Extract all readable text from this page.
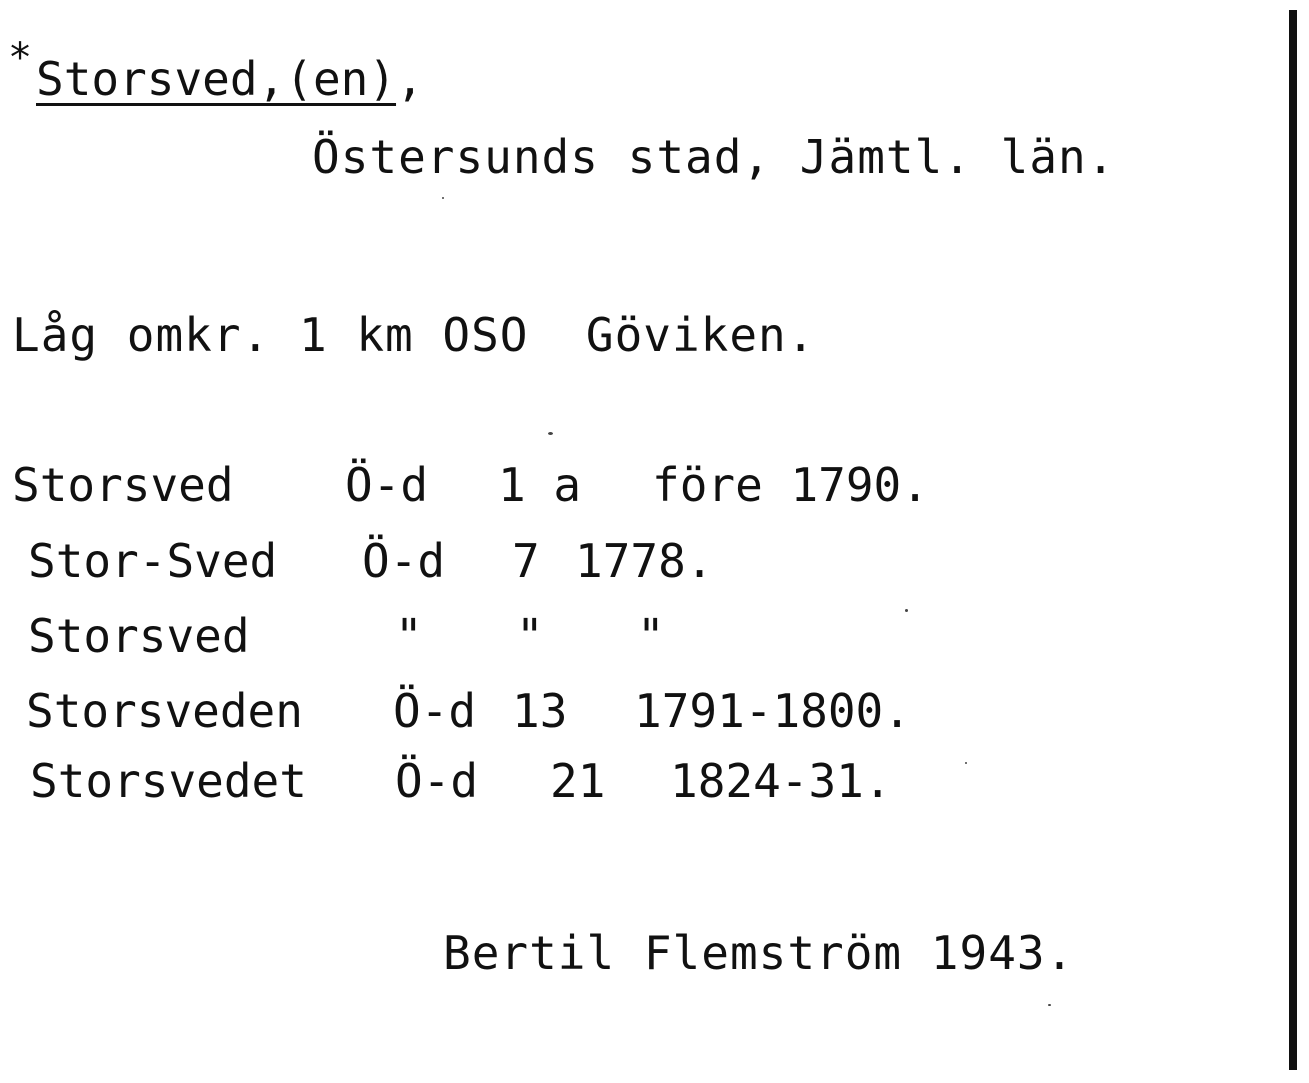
* Storsved,(en),
Östersunds stad, Jämtl. län.
Låg omkr. 1 km OSO  Göviken.
Storsved Ö-d 1 a före 1790.
Stor-Sved Ö-d 7 1778.
Storsved	" " "
Storsveden Ö-d 13 1791-1800.
Storsvedet Ö-d 21 1824-31.
Bertil Flemström 1943.
